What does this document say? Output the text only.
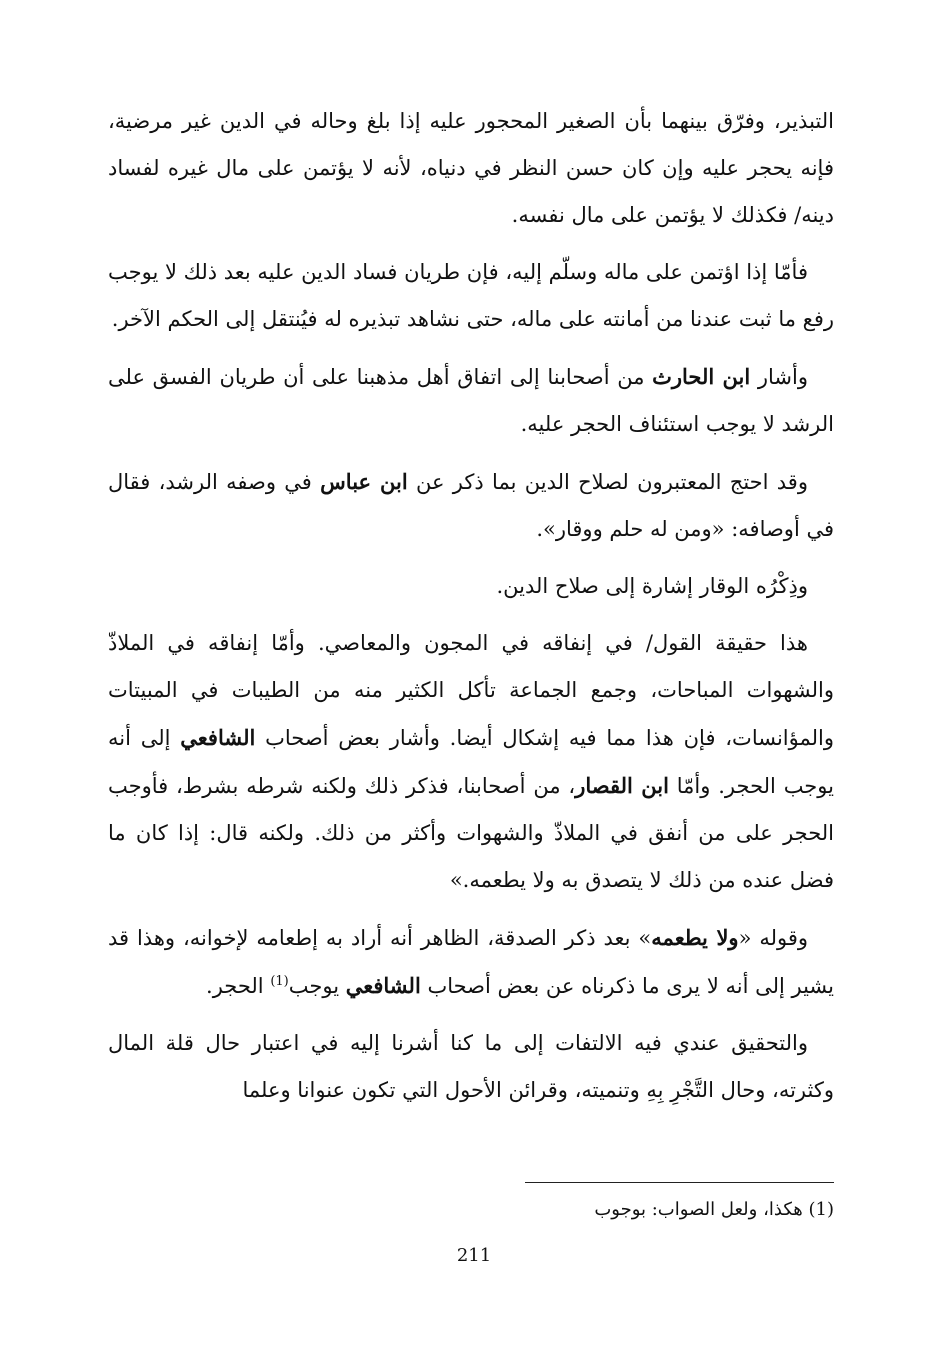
التبذير، وفرّق بينهما بأن الصغير المحجور عليه إذا بلغ وحاله في الدين غير مرضية، فإنه يحجر عليه وإن كان حسن النظر في دنياه، لأنه لا يؤتمن على مال غيره لفساد دينه/ فكذلك لا يؤتمن على مال نفسه.

فأمّا إذا اؤتمن على ماله وسلّم إليه، فإن طريان فساد الدين عليه بعد ذلك لا يوجب رفع ما ثبت عندنا من أمانته على ماله، حتى نشاهد تبذيره له فيُنتقل إلى الحكم الآخر.

وأشار ابن الحارث من أصحابنا إلى اتفاق أهل مذهبنا على أن طريان الفسق على الرشد لا يوجب استئناف الحجر عليه.

وقد احتج المعتبرون لصلاح الدين بما ذكر عن ابن عباس في وصفه الرشد، فقال في أوصافه: «ومن له حلم ووقار».

وذِكْرُه الوقار إشارة إلى صلاح الدين.

هذا حقيقة القول/ في إنفاقه في المجون والمعاصي. وأمّا إنفاقه في الملاذّ والشهوات المباحات، وجمع الجماعة تأكل الكثير منه من الطيبات في المبيتات والمؤانسات، فإن هذا مما فيه إشكال أيضا. وأشار بعض أصحاب الشافعي إلى أنه يوجب الحجر. وأمّا ابن القصار، من أصحابنا، فذكر ذلك ولكنه شرطه بشرط، فأوجب الحجر على من أنفق في الملاذّ والشهوات وأكثر من ذلك. ولكنه قال: إذا كان ما فضل عنده من ذلك لا يتصدق به ولا يطعمه.»

وقوله «ولا يطعمه» بعد ذكر الصدقة، الظاهر أنه أراد به إطعامه لإخوانه، وهذا قد يشير إلى أنه لا يرى ما ذكرناه عن بعض أصحاب الشافعي يوجب$^{(1)}$ الحجر.

والتحقيق عندي فيه الالتفات إلى ما كنا أشرنا إليه في اعتبار حال قلة المال وكثرته، وحال التَّجْرِ بِهِ وتنميته، وقرائن الأحول التي تكون عنوانا وعلما

(1) هكذا، ولعل الصواب: بوجوب
211
